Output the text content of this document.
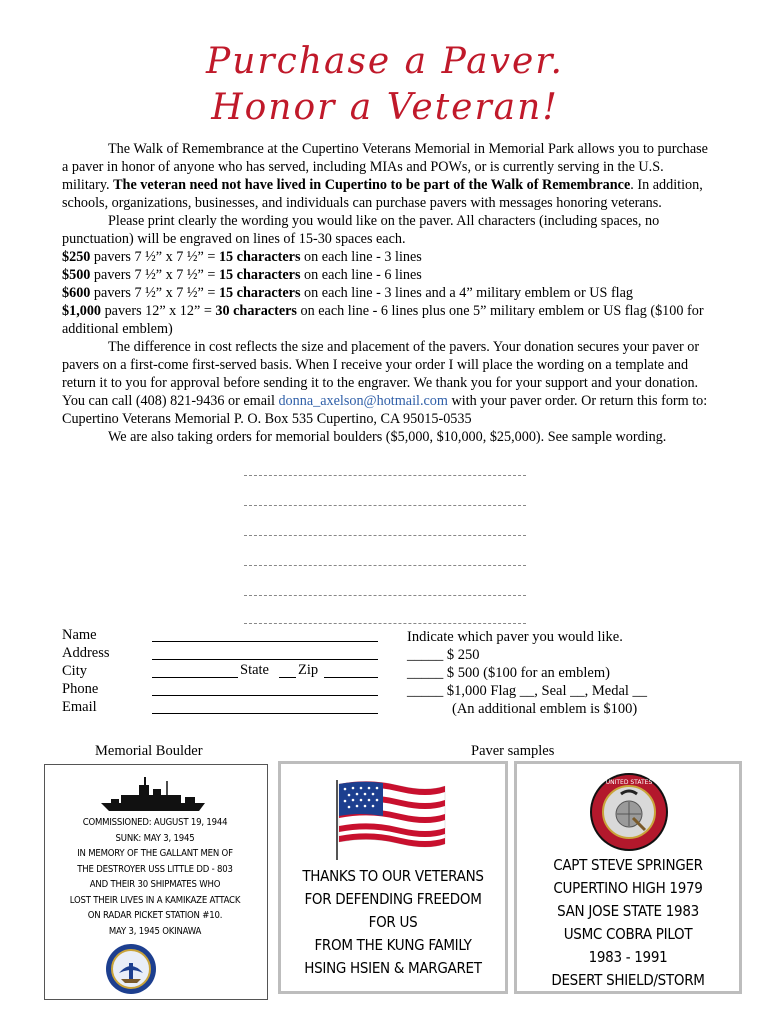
Purchase a Paver.
Honor a Veteran!

The Walk of Remembrance at the Cupertino Veterans Memorial in Memorial Park allows you to purchase a paver in honor of anyone who has served, including MIAs and POWs, or is currently serving in the U.S. military. The veteran need not have lived in Cupertino to be part of the Walk of Remembrance. In addition, schools, organizations, businesses, and individuals can purchase pavers with messages honoring veterans.

Please print clearly the wording you would like on the paver. All characters (including spaces, no punctuation) will be engraved on lines of 15-30 spaces each.

$250 pavers 7 ½” x 7 ½” = 15 characters on each line - 3 lines

$500 pavers 7 ½” x 7 ½” = 15 characters on each line - 6 lines

$600 pavers 7 ½” x 7 ½” = 15 characters on each line - 3 lines and a 4” military emblem or US flag

$1,000 pavers 12” x 12” = 30 characters on each line - 6 lines plus one 5” military emblem or US flag ($100 for additional emblem)

The difference in cost reflects the size and placement of the pavers. Your donation secures your paver or pavers on a first-come first-served basis. When I receive your order I will place the wording on a template and return it to you for approval before sending it to the engraver. We thank you for your support and your donation. You can call (408) 821-9436 or email donna_axelson@hotmail.com with your paver order. Or return this form to: Cupertino Veterans Memorial P. O. Box 535 Cupertino, CA 95015-0535

We are also taking orders for memorial boulders ($5,000, $10,000, $25,000). See sample wording.

Name
Address
City
Phone
Email
State Zip
Indicate which paver you would like.
_____ $ 250
_____ $ 500 ($100 for an emblem)
_____ $1,000 Flag __, Seal __, Medal __
(An additional emblem is $100)
Memorial Boulder	Paver samples
COMMISSIONED: AUGUST 19, 1944
SUNK: MAY 3, 1945
IN MEMORY OF THE GALLANT MEN OF
THE DESTROYER USS LITTLE DD - 803
AND THEIR 30 SHIPMATES WHO
LOST THEIR LIVES IN A KAMIKAZE ATTACK
ON RADAR PICKET STATION #10.
MAY 3, 1945 OKINAWA
THANKS TO OUR VETERANS
FOR DEFENDING FREEDOM
FOR US
FROM THE KUNG FAMILY
HSING HSIEN & MARGARET
UNITED STATES
CAPT STEVE SPRINGER
CUPERTINO HIGH 1979
SAN JOSE STATE 1983
USMC COBRA PILOT
1983 - 1991
DESERT SHIELD/STORM
